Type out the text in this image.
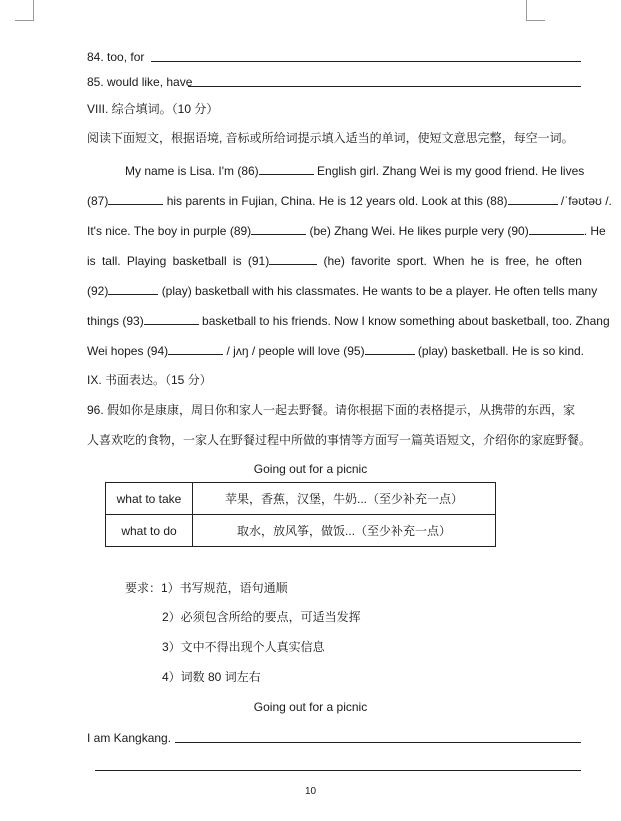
84. too, for
85. would like, have
VIII. 综合填词。（10 分）
阅读下面短文，根据语境, 音标或所给词提示填入适当的单词，使短文意思完整，每空一词。
My name is Lisa. I'm (86)	English girl. Zhang Wei is my good friend. He lives
(87)	his parents in Fujian, China. He is 12 years old. Look at this (88)	/ˈfəʊtəʊ /.
It's nice. The boy in purple (89)	(be) Zhang Wei. He likes purple very (90)	. He
is tall. Playing basketball is (91)	(he) favorite sport. When he is free, he often
(92)	(play) basketball with his classmates. He wants to be a player. He often tells many
things (93)	basketball to his friends. Now I know something about basketball, too. Zhang
Wei hopes (94)	/ jʌŋ / people will love (95)	(play) basketball. He is so kind.
IX. 书面表达。（15 分）
96. 假如你是康康，周日你和家人一起去野餐。请你根据下面的表格提示，从携带的东西，家
人喜欢吃的食物，一家人在野餐过程中所做的事情等方面写一篇英语短文，介绍你的家庭野餐。
Going out for a picnic
what to take	苹果，香蕉，汉堡，牛奶...（至少补充一点）
what to do	取水，放风筝，做饭...（至少补充一点）
要求：1）书写规范，语句通顺
2）必须包含所给的要点，可适当发挥
3）文中不得出现个人真实信息
4）词数 80 词左右
Going out for a picnic
I am Kangkang.
10
